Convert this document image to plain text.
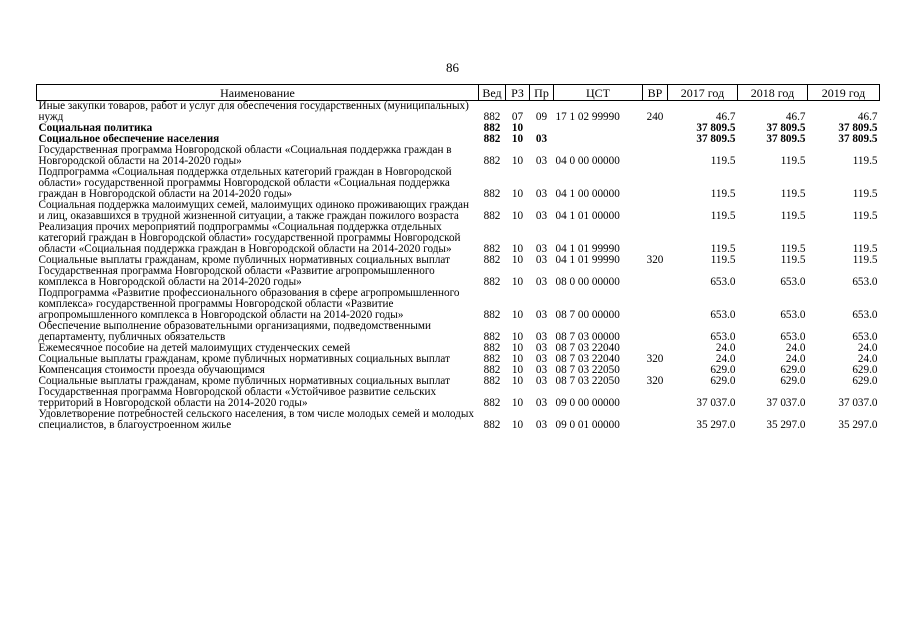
86
Наименование	Вед	РЗ	Пр	ЦСТ	ВР	2017 год	2018 год	2019 год
Иные закупки товаров, работ и услуг для обеспечения государственных (муниципальных) нужд	882	07	09	17 1 02 99990	240	46.7	46.7	46.7
Социальная политика	882	10				37 809.5	37 809.5	37 809.5
Социальное обеспечение населения	882	10	03			37 809.5	37 809.5	37 809.5
Государственная программа Новгородской области «Социальная поддержка граждан в Новгородской области на 2014-2020 годы»	882	10	03	04 0 00 00000		119.5	119.5	119.5
Подпрограмма «Социальная поддержка отдельных категорий граждан в Новгородской области» государственной программы Новгородской области «Социальная поддержка граждан в Новгородской области на 2014-2020 годы»	882	10	03	04 1 00 00000		119.5	119.5	119.5
Социальная поддержка малоимущих семей, малоимущих одиноко проживающих граждан и лиц, оказавшихся в трудной жизненной ситуации, а также граждан пожилого возраста	882	10	03	04 1 01 00000		119.5	119.5	119.5
Реализация прочих мероприятий подпрограммы «Социальная поддержка отдельных категорий граждан в Новгородской области» государственной программы Новгородской области «Социальная поддержка граждан в Новгородской области на 2014-2020 годы»	882	10	03	04 1 01 99990		119.5	119.5	119.5
Социальные выплаты гражданам, кроме публичных нормативных социальных выплат	882	10	03	04 1 01 99990	320	119.5	119.5	119.5
Государственная программа Новгородской области «Развитие агропромышленного комплекса в Новгородской области на 2014-2020 годы»	882	10	03	08 0 00 00000		653.0	653.0	653.0
Подпрограмма «Развитие профессионального образования в сфере агропромышленного комплекса» государственной программы Новгородской области «Развитие агропромышленного комплекса в Новгородской области на 2014-2020 годы»	882	10	03	08 7 00 00000		653.0	653.0	653.0
Обеспечение выполнение образовательными организациями, подведомственными департаменту, публичных обязательств	882	10	03	08 7 03 00000		653.0	653.0	653.0
Ежемесячное пособие на детей малоимущих студенческих семей	882	10	03	08 7 03 22040		24.0	24.0	24.0
Социальные выплаты гражданам, кроме публичных нормативных социальных выплат	882	10	03	08 7 03 22040	320	24.0	24.0	24.0
Компенсация стоимости проезда обучающимся	882	10	03	08 7 03 22050		629.0	629.0	629.0
Социальные выплаты гражданам, кроме публичных нормативных социальных выплат	882	10	03	08 7 03 22050	320	629.0	629.0	629.0
Государственная программа Новгородской области «Устойчивое развитие сельских территорий в Новгородской области на 2014-2020 годы»	882	10	03	09 0 00 00000		37 037.0	37 037.0	37 037.0
Удовлетворение потребностей сельского населения, в том числе молодых семей и молодых специалистов, в благоустроенном жилье	882	10	03	09 0 01 00000		35 297.0	35 297.0	35 297.0
